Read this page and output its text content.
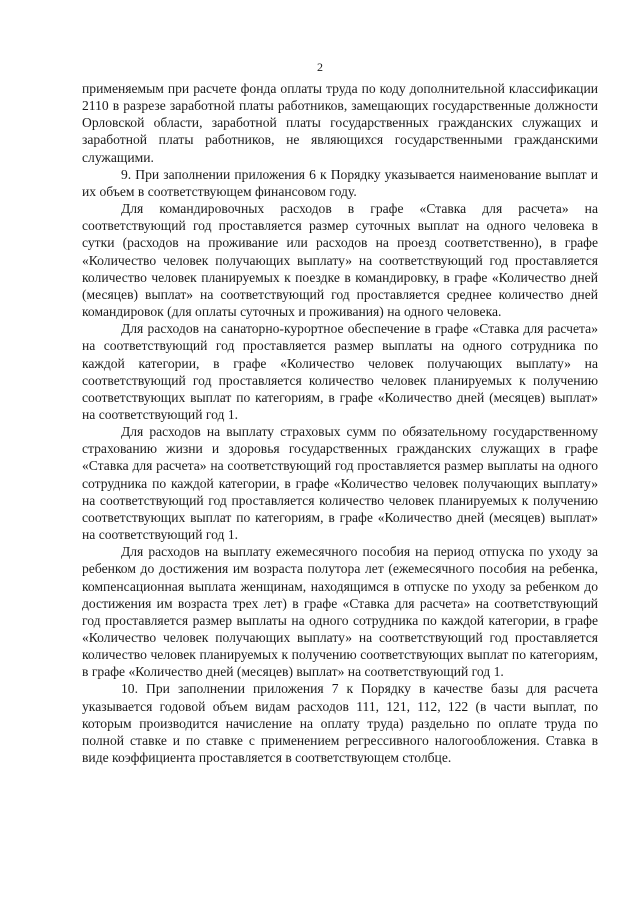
2

применяемым при расчете фонда оплаты труда по коду дополнительной классификации 2110 в разрезе заработной платы работников, замещающих государственные должности Орловской области, заработной платы государственных гражданских служащих и заработной платы работников, не являющихся государственными гражданскими служащими.

9. При заполнении приложения 6 к Порядку указывается наименование выплат и их объем в соответствующем финансовом году.

Для командировочных расходов в графе «Ставка для расчета» на соответствующий год проставляется размер суточных выплат на одного человека в сутки (расходов на проживание или расходов на проезд соответственно), в графе «Количество человек получающих выплату» на соответствующий год проставляется количество человек планируемых к поездке в командировку, в графе «Количество дней (месяцев) выплат» на соответствующий год проставляется среднее количество дней командировок (для оплаты суточных и проживания) на одного человека.

Для расходов на санаторно-курортное обеспечение в графе «Ставка для расчета» на соответствующий год проставляется размер выплаты на одного сотрудника по каждой категории, в графе «Количество человек получающих выплату» на соответствующий год проставляется количество человек планируемых к получению соответствующих выплат по категориям, в графе «Количество дней (месяцев) выплат» на соответствующий год 1.

Для расходов на выплату страховых сумм по обязательному государственному страхованию жизни и здоровья государственных гражданских служащих в графе «Ставка для расчета» на соответствующий год проставляется размер выплаты на одного сотрудника по каждой категории, в графе «Количество человек получающих выплату» на соответствующий год проставляется количество человек планируемых к получению соответствующих выплат по категориям, в графе «Количество дней (месяцев) выплат» на соответствующий год 1.

Для расходов на выплату ежемесячного пособия на период отпуска по уходу за ребенком до достижения им возраста полутора лет (ежемесячного пособия на ребенка, компенсационная выплата женщинам, находящимся в отпуске по уходу за ребенком до достижения им возраста трех лет) в графе «Ставка для расчета» на соответствующий год проставляется размер выплаты на одного сотрудника по каждой категории, в графе «Количество человек получающих выплату» на соответствующий год проставляется количество человек планируемых к получению соответствующих выплат по категориям, в графе «Количество дней (месяцев) выплат» на соответствующий год 1.

10. При заполнении приложения 7 к Порядку в качестве базы для расчета указывается годовой объем видам расходов 111, 121, 112, 122 (в части выплат, по которым производится начисление на оплату труда) раздельно по оплате труда по полной ставке и по ставке с применением регрессивного налогообложения. Ставка в виде коэффициента проставляется в соответствующем столбце.
